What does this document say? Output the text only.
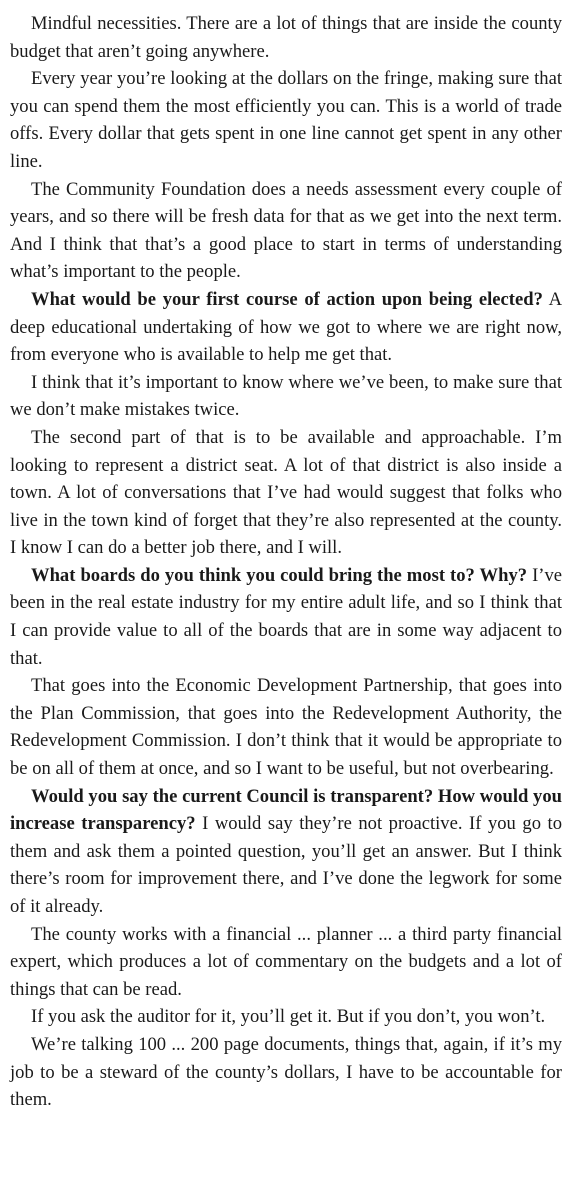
Mindful necessities. There are a lot of things that are inside the county budget that aren’t going anywhere.

Every year you’re looking at the dollars on the fringe, making sure that you can spend them the most efficiently you can. This is a world of trade offs. Every dollar that gets spent in one line cannot get spent in any other line.

The Community Foundation does a needs assessment every couple of years, and so there will be fresh data for that as we get into the next term. And I think that that’s a good place to start in terms of understanding what’s important to the people.

What would be your first course of action upon being elected? A deep educational undertaking of how we got to where we are right now, from everyone who is available to help me get that.

I think that it’s important to know where we’ve been, to make sure that we don’t make mistakes twice.

The second part of that is to be available and approachable. I’m looking to represent a district seat. A lot of that district is also inside a town. A lot of conversations that I’ve had would suggest that folks who live in the town kind of forget that they’re also represented at the county. I know I can do a better job there, and I will.

What boards do you think you could bring the most to? Why? I’ve been in the real estate industry for my entire adult life, and so I think that I can provide value to all of the boards that are in some way adjacent to that.

That goes into the Economic Development Partnership, that goes into the Plan Commission, that goes into the Redevelopment Authority, the Redevelopment Commission. I don’t think that it would be appropriate to be on all of them at once, and so I want to be useful, but not overbearing.

Would you say the current Council is transparent? How would you increase transparency? I would say they’re not proactive. If you go to them and ask them a pointed question, you’ll get an answer. But I think there’s room for improvement there, and I’ve done the legwork for some of it already.

The county works with a financial ... planner ... a third party financial expert, which produces a lot of commentary on the budgets and a lot of things that can be read.

If you ask the auditor for it, you’ll get it. But if you don’t, you won’t.

We’re talking 100 ... 200 page documents, things that, again, if it’s my job to be a steward of the county’s dollars, I have to be accountable for them.
